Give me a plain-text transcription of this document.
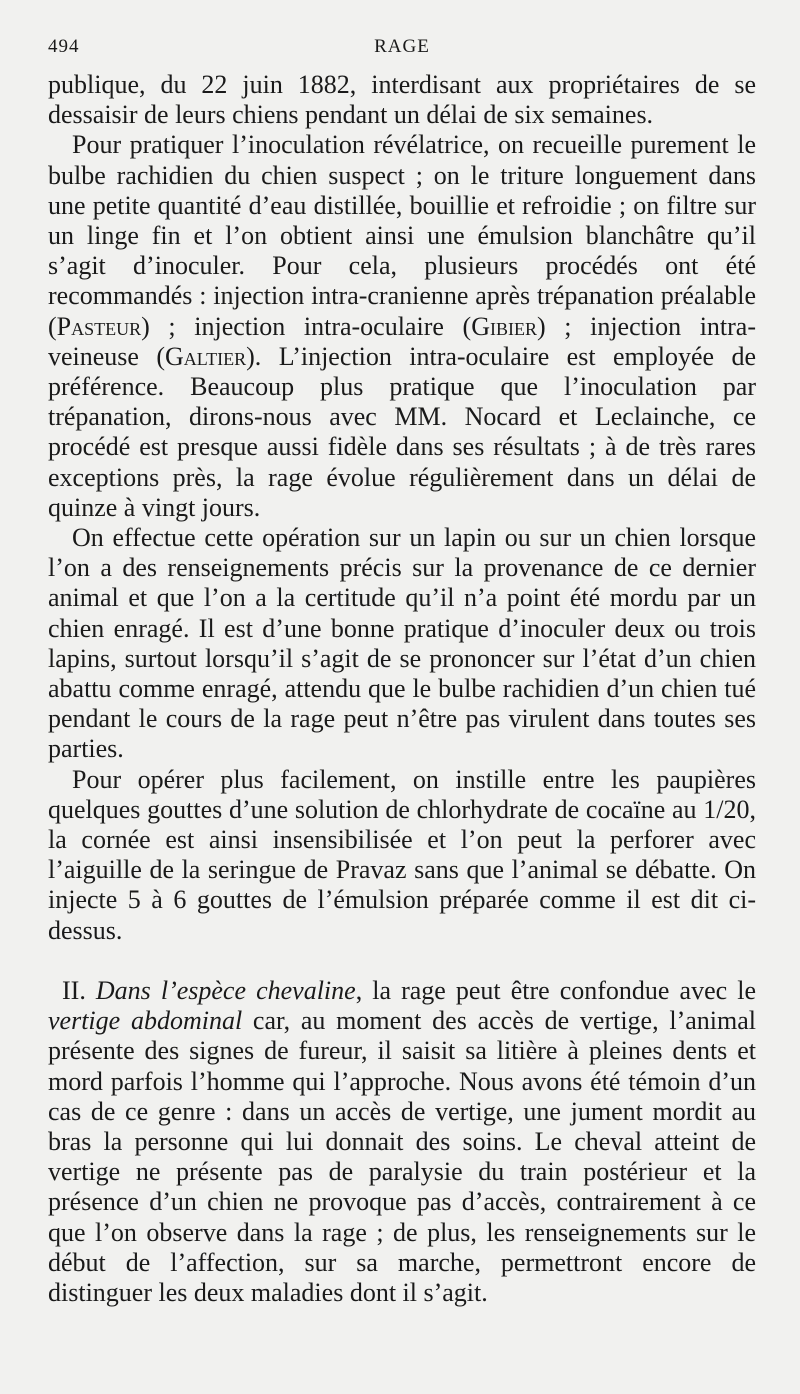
494	RAGE

publique, du 22 juin 1882, interdisant aux propriétaires de se dessaisir de leurs chiens pendant un délai de six semaines.

Pour pratiquer l’inoculation révélatrice, on recueille purement le bulbe rachidien du chien suspect ; on le triture longuement dans une petite quantité d’eau distillée, bouillie et refroidie ; on filtre sur un linge fin et l’on obtient ainsi une émulsion blanchâtre qu’il s’agit d’inoculer. Pour cela, plusieurs procédés ont été recommandés : injection intra-cranienne après trépanation préalable (Pasteur) ; injection intra-oculaire (Gibier) ; injection intra-veineuse (Galtier). L’injection intra-oculaire est employée de préférence. Beaucoup plus pratique que l’inoculation par trépanation, dirons-nous avec MM. Nocard et Leclainche, ce procédé est presque aussi fidèle dans ses résultats ; à de très rares exceptions près, la rage évolue régulièrement dans un délai de quinze à vingt jours.

On effectue cette opération sur un lapin ou sur un chien lorsque l’on a des renseignements précis sur la provenance de ce dernier animal et que l’on a la certitude qu’il n’a point été mordu par un chien enragé. Il est d’une bonne pratique d’inoculer deux ou trois lapins, surtout lorsqu’il s’agit de se prononcer sur l’état d’un chien abattu comme enragé, attendu que le bulbe rachidien d’un chien tué pendant le cours de la rage peut n’être pas virulent dans toutes ses parties.

Pour opérer plus facilement, on instille entre les paupières quelques gouttes d’une solution de chlorhydrate de cocaïne au 1/20, la cornée est ainsi insensibilisée et l’on peut la perforer avec l’aiguille de la seringue de Pravaz sans que l’animal se débatte. On injecte 5 à 6 gouttes de l’émulsion préparée comme il est dit ci-dessus.

II. Dans l’espèce chevaline, la rage peut être confondue avec le vertige abdominal car, au moment des accès de vertige, l’animal présente des signes de fureur, il saisit sa litière à pleines dents et mord parfois l’homme qui l’approche. Nous avons été témoin d’un cas de ce genre : dans un accès de vertige, une jument mordit au bras la personne qui lui donnait des soins. Le cheval atteint de vertige ne présente pas de paralysie du train postérieur et la présence d’un chien ne provoque pas d’accès, contrairement à ce que l’on observe dans la rage ; de plus, les renseignements sur le début de l’affection, sur sa marche, permettront encore de distinguer les deux maladies dont il s’agit.
